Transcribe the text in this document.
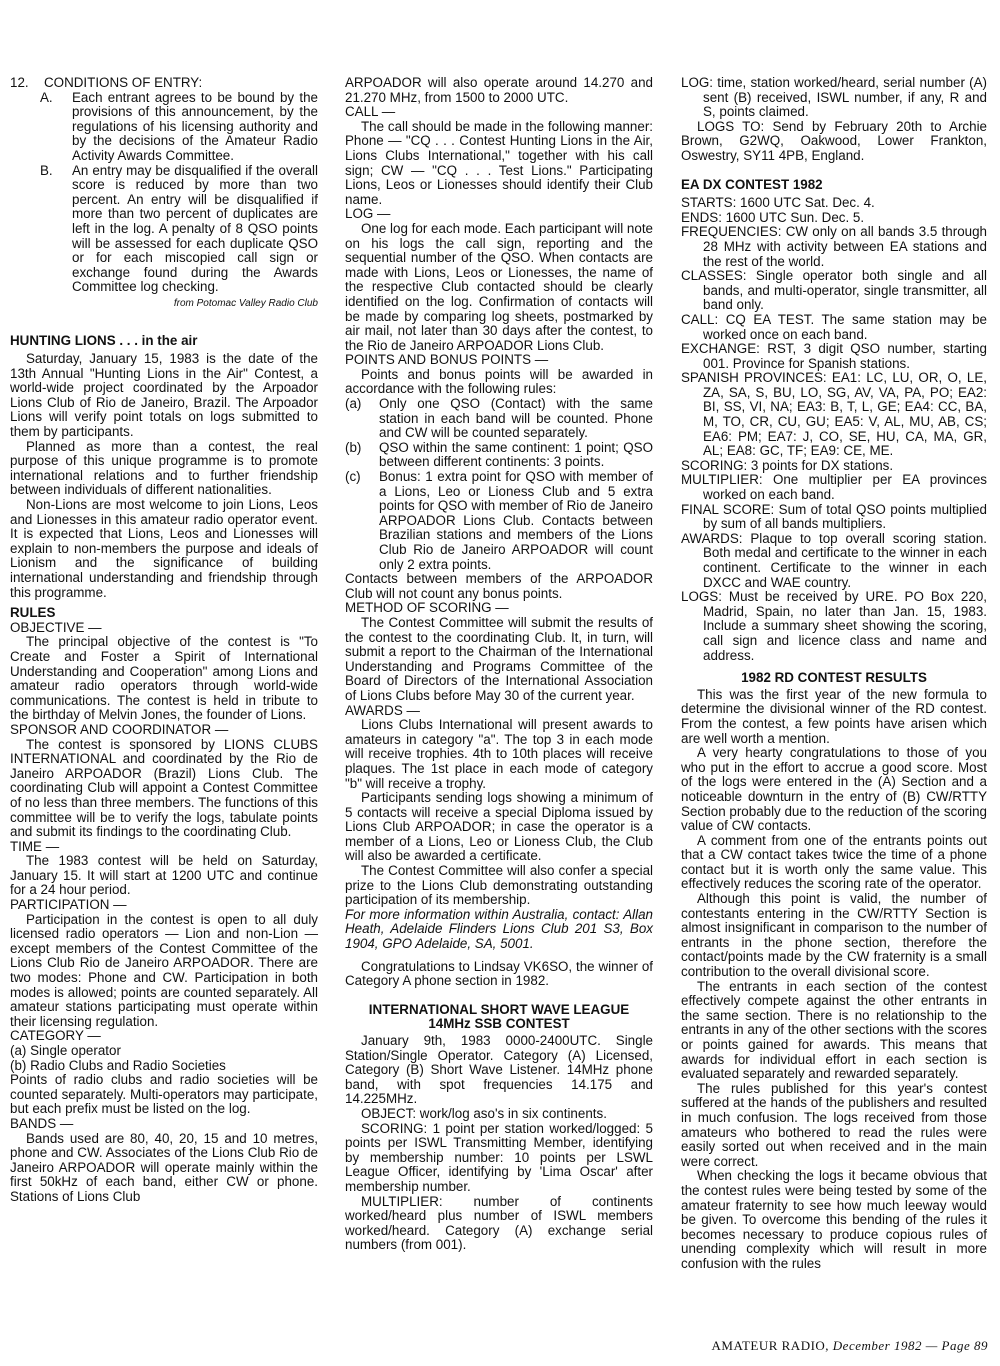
12.	CONDITIONS OF ENTRY:
A.	Each entrant agrees to be bound by the provisions of this announcement, by the regulations of his licensing authority and by the decisions of the Amateur Radio Activity Awards Committee.
B.	An entry may be disqualified if the overall score is reduced by more than two percent. An entry will be disqualified if more than two percent of duplicates are left in the log. A penalty of 8 QSO points will be assessed for each duplicate QSO or for each miscopied call sign or exchange found during the Awards Committee log checking.

from Potomac Valley Radio Club

HUNTING LIONS . . . in the air

Saturday, January 15, 1983 is the date of the 13th Annual "Hunting Lions in the Air" Contest, a world-wide project coordinated by the Arpoador Lions Club of Rio de Janeiro, Brazil. The Arpoador Lions will verify point totals on logs submitted to them by participants.

Planned as more than a contest, the real purpose of this unique programme is to promote international relations and to further friendship between individuals of different nationalities.

Non-Lions are most welcome to join Lions, Leos and Lionesses in this amateur radio operator event. It is expected that Lions, Leos and Lionesses will explain to non-members the purpose and ideals of Lionism and the significance of building international understanding and friendship through this programme.

RULES

OBJECTIVE —

The principal objective of the contest is "To Create and Foster a Spirit of International Understanding and Cooperation" among Lions and amateur radio operators through world-wide communications. The contest is held in tribute to the birthday of Melvin Jones, the founder of Lions.

SPONSOR AND COORDINATOR —

The contest is sponsored by LIONS CLUBS INTERNATIONAL and coordinated by the Rio de Janeiro ARPOADOR (Brazil) Lions Club. The coordinating Club will appoint a Contest Committee of no less than three members. The functions of this committee will be to verify the logs, tabulate points and submit its findings to the coordinating Club.

TIME —

The 1983 contest will be held on Saturday, January 15. It will start at 1200 UTC and continue for a 24 hour period.

PARTICIPATION —

Participation in the contest is open to all duly licensed radio operators — Lion and non-Lion — except members of the Contest Committee of the Lions Club Rio de Janeiro ARPOADOR. There are two modes: Phone and CW. Participation in both modes is allowed; points are counted separately. All amateur stations participating must operate within their licensing regulation.

CATEGORY —

(a) Single operator

(b) Radio Clubs and Radio Societies

Points of radio clubs and radio societies will be counted separately. Multi-operators may participate, but each prefix must be listed on the log.

BANDS —

Bands used are 80, 40, 20, 15 and 10 metres, phone and CW. Associates of the Lions Club Rio de Janeiro ARPOADOR will operate mainly within the first 50kHz of each band, either CW or phone. Stations of Lions Club

ARPOADOR will also operate around 14.270 and 21.270 MHz, from 1500 to 2000 UTC.

CALL —

The call should be made in the following manner: Phone — "CQ . . . Contest Hunting Lions in the Air, Lions Clubs International," together with his call sign; CW — "CQ . . . Test Lions." Participating Lions, Leos or Lionesses should identify their Club name.

LOG —

One log for each mode. Each participant will note on his logs the call sign, reporting and the sequential number of the QSO. When contacts are made with Lions, Leos or Lionesses, the name of the respective Club contacted should be clearly identified on the log. Confirmation of contacts will be made by comparing log sheets, postmarked by air mail, not later than 30 days after the contest, to the Rio de Janeiro ARPOADOR Lions Club.

POINTS AND BONUS POINTS —

Points and bonus points will be awarded in accordance with the following rules:

(a)	Only one QSO (Contact) with the same station in each band will be counted. Phone and CW will be counted separately.
(b)	QSO within the same continent: 1 point; QSO between different continents: 3 points.
(c)	Bonus: 1 extra point for QSO with member of a Lions, Leo or Lioness Club and 5 extra points for QSO with member of Rio de Janeiro ARPOADOR Lions Club. Contacts between Brazilian stations and members of the Lions Club Rio de Janeiro ARPOADOR will count only 2 extra points.

Contacts between members of the ARPOADOR Club will not count any bonus points.

METHOD OF SCORING —

The Contest Committee will submit the results of the contest to the coordinating Club. It, in turn, will submit a report to the Chairman of the International Understanding and Programs Committee of the Board of Directors of the International Association of Lions Clubs before May 30 of the current year.

AWARDS —

Lions Clubs International will present awards to amateurs in category "a". The top 3 in each mode will receive trophies. 4th to 10th places will receive plaques. The 1st place in each mode of category "b" will receive a trophy.

Participants sending logs showing a minimum of 5 contacts will receive a special Diploma issued by Lions Club ARPOADOR; in case the operator is a member of a Lions, Leo or Lioness Club, the Club will also be awarded a certificate.

The Contest Committee will also confer a special prize to the Lions Club demonstrating outstanding participation of its membership.

For more information within Australia, contact: Allan Heath, Adelaide Flinders Lions Club 201 S3, Box 1904, GPO Adelaide, SA, 5001.

Congratulations to Lindsay VK6SO, the winner of Category A phone section in 1982.

INTERNATIONAL SHORT WAVE LEAGUE

14MHz SSB CONTEST

January 9th, 1983 0000-2400UTC. Single Station/Single Operator. Category (A) Licensed, Category (B) Short Wave Listener. 14MHz phone band, with spot frequencies 14.175 and 14.225MHz.

OBJECT: work/log aso's in six continents.

SCORING: 1 point per station worked/logged: 5 points per ISWL Transmitting Member, identifying by membership number: 10 points per LSWL League Officer, identifying by 'Lima Oscar' after membership number.

MULTIPLIER: number of continents worked/heard plus number of ISWL members worked/heard. Category (A) exchange serial numbers (from 001).

LOG: time, station worked/heard, serial number (A) sent (B) received, ISWL number, if any, R and S, points claimed.

LOGS TO: Send by February 20th to Archie Brown, G2WQ, Oakwood, Lower Frankton, Oswestry, SY11 4PB, England.

EA DX CONTEST 1982

STARTS: 1600 UTC Sat. Dec. 4.

ENDS: 1600 UTC Sun. Dec. 5.

FREQUENCIES: CW only on all bands 3.5 through 28 MHz with activity between EA stations and the rest of the world.

CLASSES: Single operator both single and all bands, and multi-operator, single transmitter, all band only.

CALL: CQ EA TEST. The same station may be worked once on each band.

EXCHANGE: RST, 3 digit QSO number, starting 001. Province for Spanish stations.

SPANISH PROVINCES: EA1: LC, LU, OR, O, LE, ZA, SA, S, BU, LO, SG, AV, VA, PA, PO; EA2: BI, SS, VI, NA; EA3: B, T, L, GE; EA4: CC, BA, M, TO, CR, CU, GU; EA5: V, AL, MU, AB, CS; EA6: PM; EA7: J, CO, SE, HU, CA, MA, GR, AL; EA8: GC, TF; EA9: CE, ME.

SCORING: 3 points for DX stations.

MULTIPLIER: One multiplier per EA provinces worked on each band.

FINAL SCORE: Sum of total QSO points multiplied by sum of all bands multipliers.

AWARDS: Plaque to top overall scoring station. Both medal and certificate to the winner in each continent. Certificate to the winner in each DXCC and WAE country.

LOGS: Must be received by URE. PO Box 220, Madrid, Spain, no later than Jan. 15, 1983. Include a summary sheet showing the scoring, call sign and licence class and name and address.

1982 RD CONTEST RESULTS

This was the first year of the new formula to determine the divisional winner of the RD contest. From the contest, a few points have arisen which are well worth a mention.

A very hearty congratulations to those of you who put in the effort to accrue a good score. Most of the logs were entered in the (A) Section and a noticeable downturn in the entry of (B) CW/RTTY Section probably due to the reduction of the scoring value of CW contacts.

A comment from one of the entrants points out that a CW contact takes twice the time of a phone contact but it is worth only the same value. This effectively reduces the scoring rate of the operator.

Although this point is valid, the number of contestants entering in the CW/RTTY Section is almost insignificant in comparison to the number of entrants in the phone section, therefore the contact/points made by the CW fraternity is a small contribution to the overall divisional score.

The entrants in each section of the contest effectively compete against the other entrants in the same section. There is no relationship to the entrants in any of the other sections with the scores or points gained for awards. This means that awards for individual effort in each section is evaluated separately and rewarded separately.

The rules published for this year's contest suffered at the hands of the publishers and resulted in much confusion. The logs received from those amateurs who bothered to read the rules were easily sorted out when received and in the main were correct.

When checking the logs it became obvious that the contest rules were being tested by some of the amateur fraternity to see how much leeway would be given. To overcome this bending of the rules it becomes necessary to produce copious rules of unending complexity which will result in more confusion with the rules

AMATEUR RADIO, December 1982 — Page 89
